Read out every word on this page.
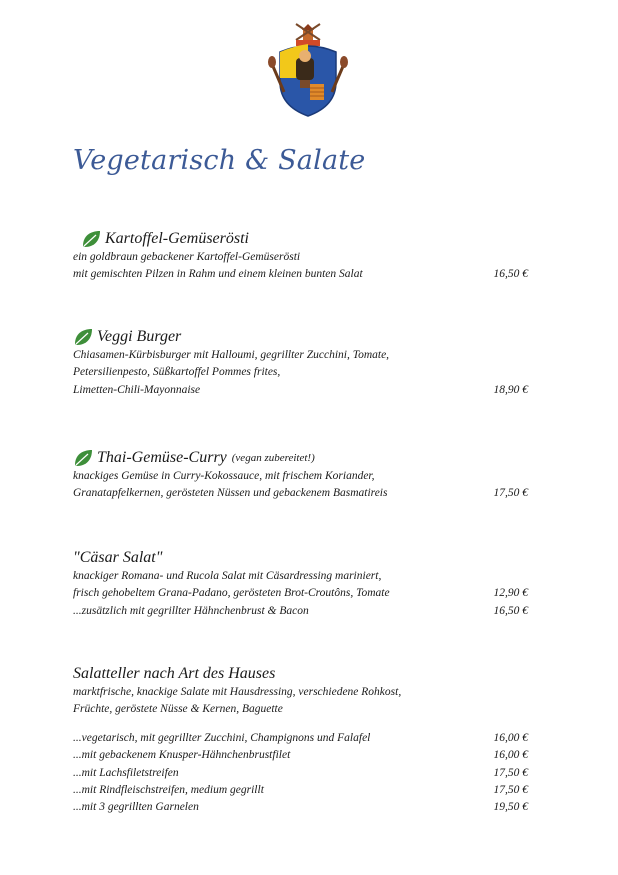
Vegetarisch & Salate
Kartoffel-Gemüserösti
ein goldbraun gebackener Kartoffel-Gemüserösti
mit gemischten Pilzen in Rahm und einem kleinen bunten Salat	16,50 €
Veggi Burger
Chiasamen-Kürbisburger mit Halloumi, gegrillter Zucchini, Tomate,
Petersilienpesto, Süßkartoffel Pommes frites,
Limetten-Chili-Mayonnaise	18,90 €
Thai-Gemüse-Curry (vegan zubereitet!)
knackiges Gemüse in Curry-Kokossauce, mit frischem Koriander,
Granatapfelkernen, gerösteten Nüssen und gebackenem Basmatireis	17,50 €
"Cäsar Salat"
knackiger Romana- und Rucola Salat mit Cäsardressing mariniert,
frisch gehobeltem Grana-Padano, gerösteten Brot-Croutôns, Tomate	12,90 €
...zusätzlich mit gegrillter Hähnchenbrust & Bacon	16,50 €
Salatteller nach Art des Hauses
marktfrische, knackige Salate mit Hausdressing, verschiedene Rohkost,
Früchte, geröstete Nüsse & Kernen, Baguette
...vegetarisch, mit gegrillter Zucchini, Champignons und Falafel	16,00 €
...mit gebackenem Knusper-Hähnchenbrustfilet	16,00 €
...mit Lachsfiletstreifen	17,50 €
...mit Rindfleischstreifen, medium gegrillt	17,50 €
...mit 3 gegrillten Garnelen	19,50 €
